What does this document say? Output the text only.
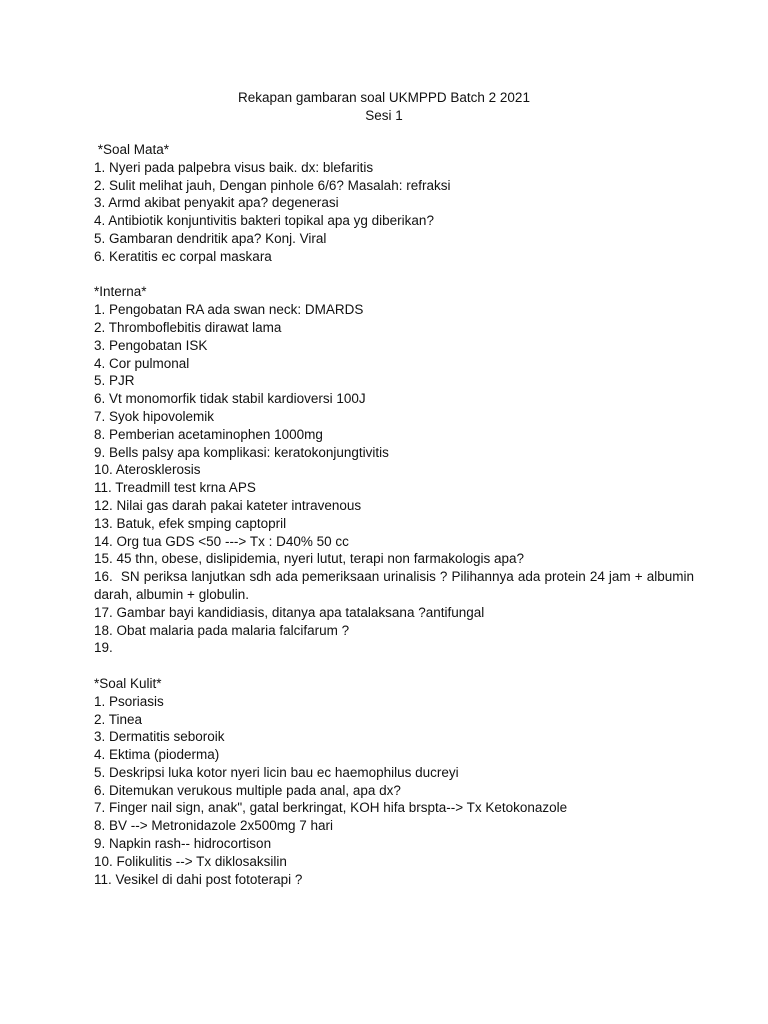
Rekapan gambaran soal UKMPPD Batch 2 2021
Sesi 1
*Soal Mata*
1. Nyeri pada palpebra visus baik. dx: blefaritis
2. Sulit melihat jauh, Dengan pinhole 6/6? Masalah: refraksi
3. Armd akibat penyakit apa? degenerasi
4. Antibiotik konjuntivitis bakteri topikal apa yg diberikan?
5. Gambaran dendritik apa? Konj. Viral
6. Keratitis ec corpal maskara
*Interna*
1. Pengobatan RA ada swan neck: DMARDS
2. Thromboflebitis dirawat lama
3. Pengobatan ISK
4. Cor pulmonal
5. PJR
6. Vt monomorfik tidak stabil kardioversi 100J
7. Syok hipovolemik
8. Pemberian acetaminophen 1000mg
9. Bells palsy apa komplikasi: keratokonjungtivitis
10. Aterosklerosis
11. Treadmill test krna APS
12. Nilai gas darah pakai kateter intravenous
13. Batuk, efek smping captopril
14. Org tua GDS <50 ---> Tx : D40% 50 cc
15. 45 thn, obese, dislipidemia, nyeri lutut, terapi non farmakologis apa?
16.  SN periksa lanjutkan sdh ada pemeriksaan urinalisis ? Pilihannya ada protein 24 jam + albumin darah, albumin + globulin.
17. Gambar bayi kandidiasis, ditanya apa tatalaksana ?antifungal
18. Obat malaria pada malaria falcifarum ?
19.
*Soal Kulit*
1. Psoriasis
2. Tinea
3. Dermatitis seboroik
4. Ektima (pioderma)
5. Deskripsi luka kotor nyeri licin bau ec haemophilus ducreyi
6. Ditemukan verukous multiple pada anal, apa dx?
7. Finger nail sign, anak", gatal berkringat, KOH hifa brspta--> Tx Ketokonazole
8. BV --> Metronidazole 2x500mg 7 hari
9. Napkin rash-- hidrocortison
10. Folikulitis --> Tx diklosaksilin
11. Vesikel di dahi post fototerapi ?
